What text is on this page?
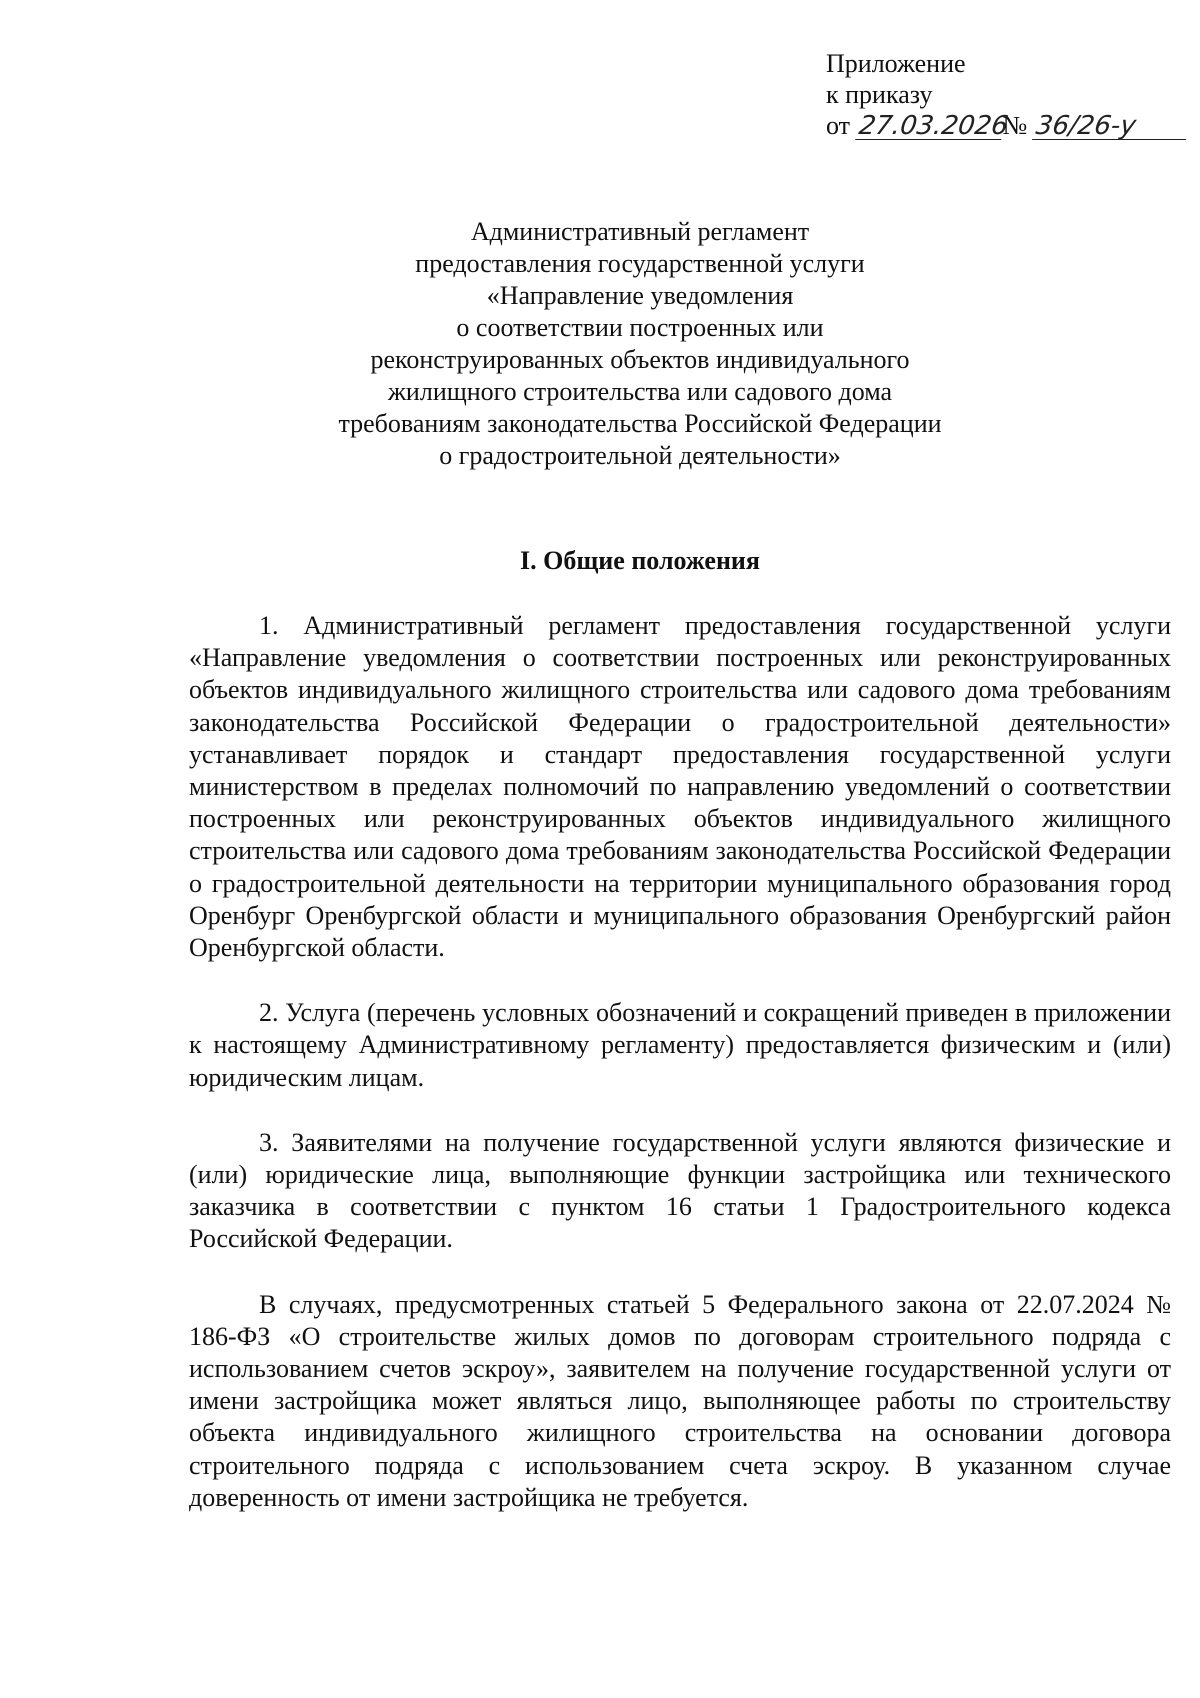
Приложение
к приказу
от 27.03.2026№ 36/26-у
Административный регламент
предоставления государственной услуги
«Направление уведомления
о соответствии построенных или
реконструированных объектов индивидуального
жилищного строительства или садового дома
требованиям законодательства Российской Федерации
о градостроительной деятельности»
I. Общие положения

1. Административный регламент предоставления государственной услуги «Направление уведомления о соответствии построенных или реконструированных объектов индивидуального жилищного строительства или садового дома требованиям законодательства Российской Федерации о градостроительной деятельности» устанавливает порядок и стандарт предоставления государственной услуги министерством в пределах полномочий по направлению уведомлений о соответствии построенных или реконструированных объектов индивидуального жилищного строительства или садового дома требованиям законодательства Российской Федерации о градостроительной деятельности на территории муниципального образования город Оренбург Оренбургской области и муниципального образования Оренбургский район Оренбургской области.

2. Услуга (перечень условных обозначений и сокращений приведен в приложении к настоящему Административному регламенту) предоставляется физическим и (или) юридическим лицам.

3. Заявителями на получение государственной услуги являются физические и (или) юридические лица, выполняющие функции застройщика или технического заказчика в соответствии с пунктом 16 статьи 1 Градостроительного кодекса Российской Федерации.

В случаях, предусмотренных статьей 5 Федерального закона от 22.07.2024 № 186-ФЗ «О строительстве жилых домов по договорам строительного подряда с использованием счетов эскроу», заявителем на получение государственной услуги от имени застройщика может являться лицо, выполняющее работы по строительству объекта индивидуального жилищного строительства на основании договора строительного подряда с использованием счета эскроу. В указанном случае доверенность от имени застройщика не требуется.
